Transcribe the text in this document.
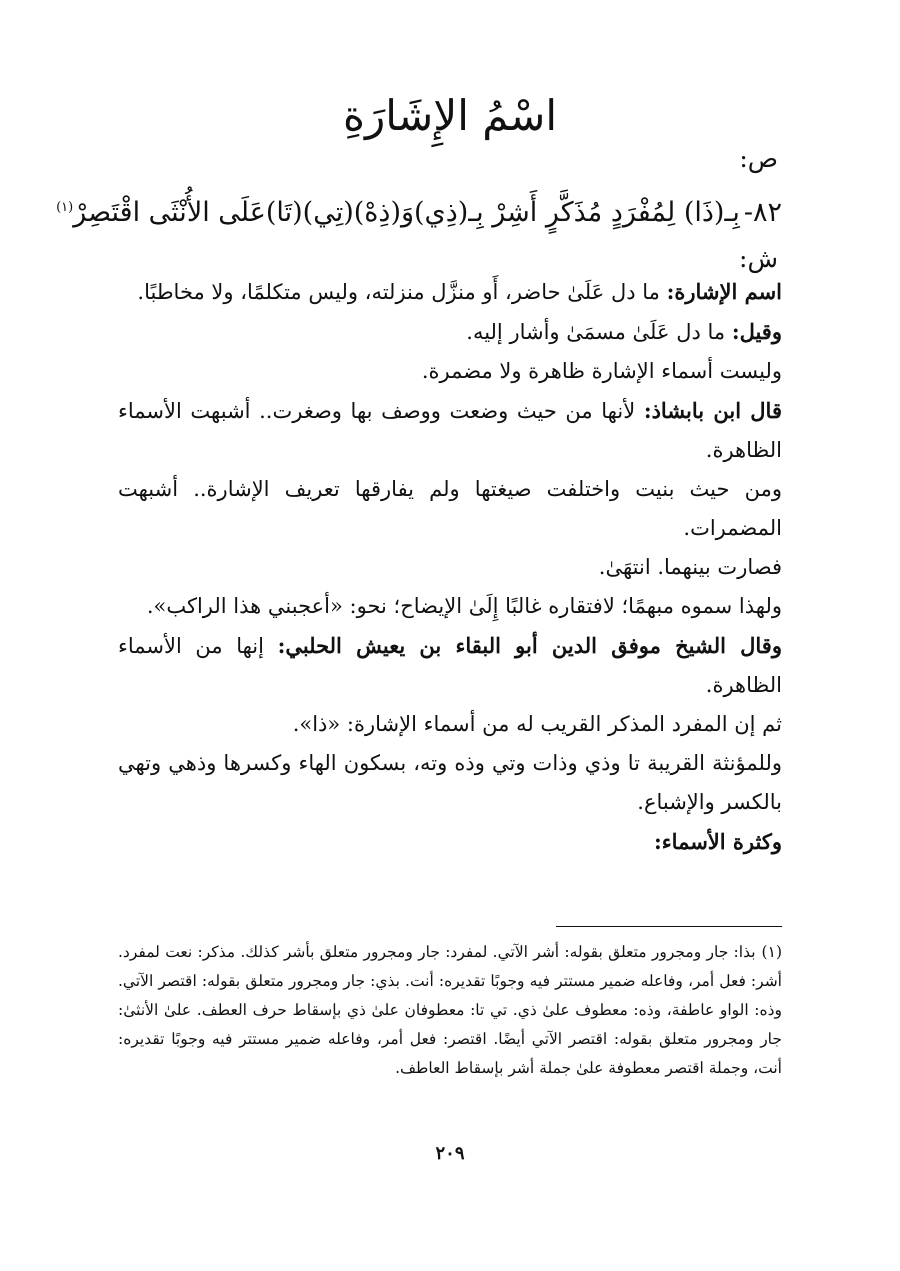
اسْمُ الإِشَارَةِ
ص:
٨٢-بِـ(ذَا) لِمُفْرَدٍ مُذَكَّرٍ أَشِرْ بِـ(ذِي)وَ(ذِهْ)(تِي)(تَا)عَلَى الأُنْثَى اقْتَصِرْ$^{(١)}$
ش:

اسم الإشارة: ما دل عَلَىٰ حاضر، أَو منزَّل منزلته، وليس متكلمًا، ولا مخاطبًا.

وقيل: ما دل عَلَىٰ مسمَىٰ وأشار إليه.

وليست أسماء الإشارة ظاهرة ولا مضمرة.

قال ابن بابشاذ: لأنها من حيث وضعت ووصف بها وصغرت.. أشبهت الأسماء الظاهرة.

ومن حيث بنيت واختلفت صيغتها ولم يفارقها تعريف الإشارة.. أشبهت المضمرات.

فصارت بينهما. انتهَىٰ.

ولهذا سموه مبهمًا؛ لافتقاره غالبًا إِلَىٰ الإيضاح؛ نحو: «أعجبني هذا الراكب».

وقال الشيخ موفق الدين أبو البقاء بن يعيش الحلبي: إنها من الأسماء الظاهرة.

ثم إن المفرد المذكر القريب له من أسماء الإشارة: «ذا».

وللمؤنثة القريبة تا وذي وذات وتي وذه وته، بسكون الهاء وكسرها وذهي وتهي بالكسر والإشباع.

وكثرة الأسماء:

(١)بذا: جار ومجرور متعلق بقوله: أشر الآتي. لمفرد: جار ومجرور متعلق بأشر كذلك. مذكر: نعت لمفرد. أشر: فعل أمر، وفاعله ضمير مستتر فيه وجوبًا تقديره: أنت. بذي: جار ومجرور متعلق بقوله: اقتصر الآتي. وذه: الواو عاطفة، وذه: معطوف علىٰ ذي. تي تا: معطوفان علىٰ ذي بإسقاط حرف العطف. علىٰ الأنثىٰ: جار ومجرور متعلق بقوله: اقتصر الآتي أيضًا. اقتصر: فعل أمر، وفاعله ضمير مستتر فيه وجوبًا تقديره: أنت، وجملة اقتصر معطوفة علىٰ جملة أشر بإسقاط العاطف.
٢٠٩
